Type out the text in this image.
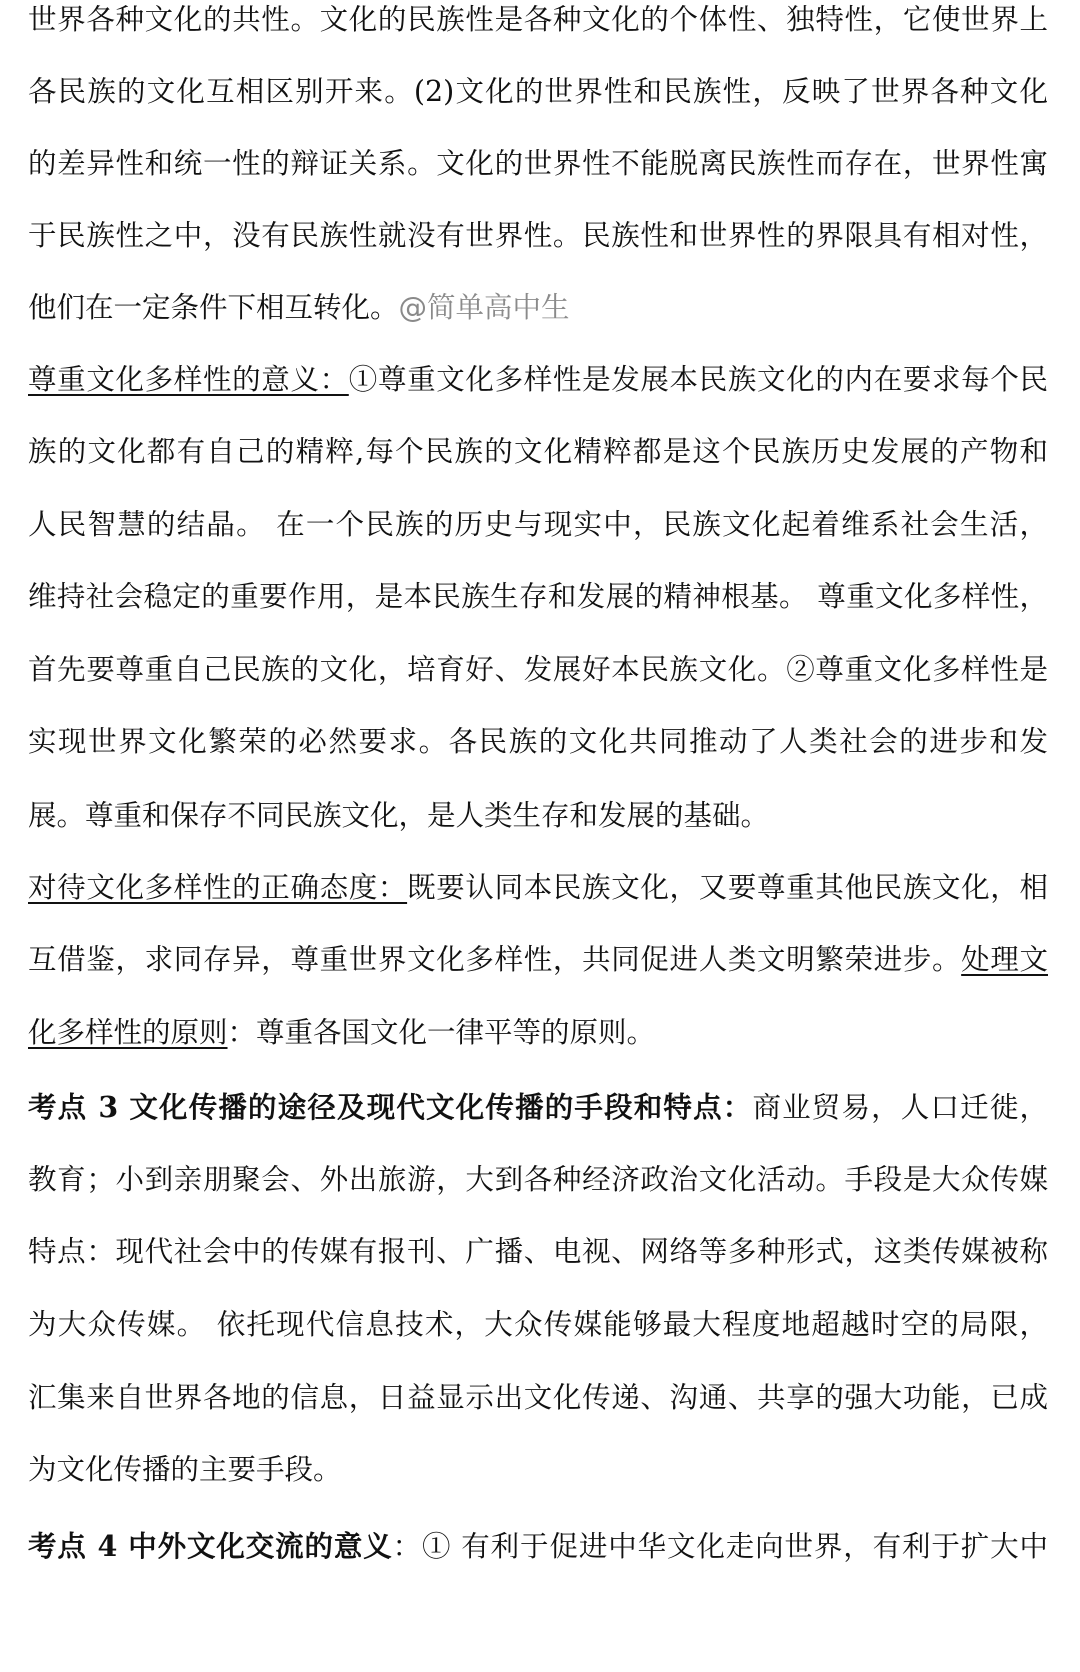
世界各种文化的共性。文化的民族性是各种文化的个体性、独特性，它使世界上
各民族的文化互相区别开来。(2)文化的世界性和民族性，反映了世界各种文化
的差异性和统一性的辩证关系。文化的世界性不能脱离民族性而存在，世界性寓
于民族性之中，没有民族性就没有世界性。民族性和世界性的界限具有相对性，
他们在一定条件下相互转化。@简单高中生
尊重文化多样性的意义：①尊重文化多样性是发展本民族文化的内在要求每个民
族的文化都有自己的精粹,每个民族的文化精粹都是这个民族历史发展的产物和
人民智慧的结晶。 在一个民族的历史与现实中，民族文化起着维系社会生活，
维持社会稳定的重要作用，是本民族生存和发展的精神根基。 尊重文化多样性，
首先要尊重自己民族的文化，培育好、发展好本民族文化。②尊重文化多样性是
实现世界文化繁荣的必然要求。各民族的文化共同推动了人类社会的进步和发
展。尊重和保存不同民族文化，是人类生存和发展的基础。
对待文化多样性的正确态度：既要认同本民族文化，又要尊重其他民族文化，相
互借鉴，求同存异，尊重世界文化多样性，共同促进人类文明繁荣进步。处理文
化多样性的原则：尊重各国文化一律平等的原则。
考点 3 文化传播的途径及现代文化传播的手段和特点：商业贸易，人口迁徙，
教育；小到亲朋聚会、外出旅游，大到各种经济政治文化活动。手段是大众传媒
特点：现代社会中的传媒有报刊、广播、电视、网络等多种形式，这类传媒被称
为大众传媒。 依托现代信息技术，大众传媒能够最大程度地超越时空的局限，
汇集来自世界各地的信息，日益显示出文化传递、沟通、共享的强大功能，已成
为文化传播的主要手段。
考点 4 中外文化交流的意义：① 有利于促进中华文化走向世界，有利于扩大中
